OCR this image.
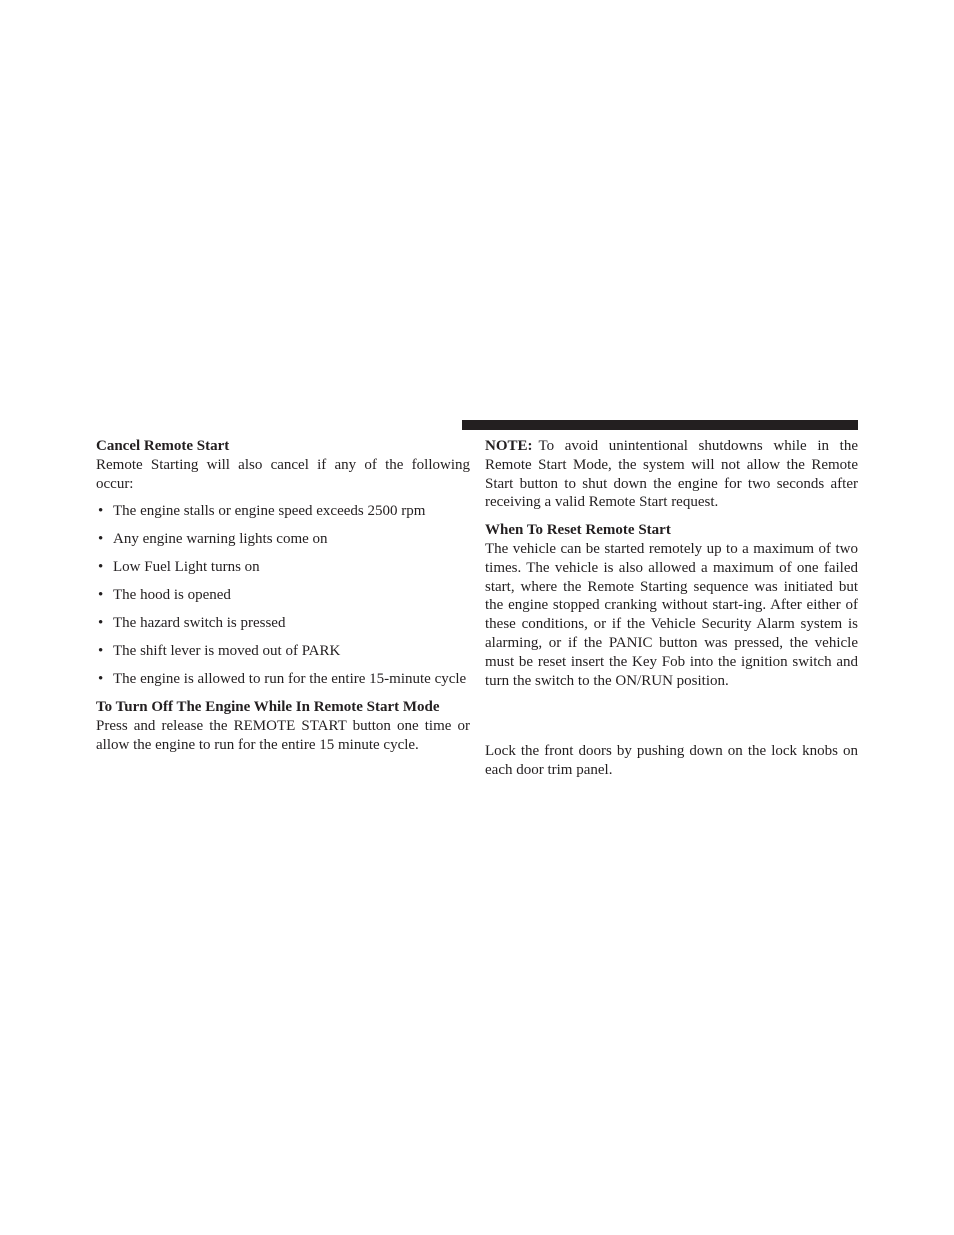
Cancel Remote Start

Remote Starting will also cancel if any of the following occur:

• The engine stalls or engine speed exceeds 2500 rpm
• Any engine warning lights come on
• Low Fuel Light turns on
• The hood is opened
• The hazard switch is pressed
• The shift lever is moved out of PARK
• The engine is allowed to run for the entire 15-minute cycle
To Turn Off The Engine While In Remote Start Mode

Press and release the REMOTE START button one time or allow the engine to run for the entire 15 minute cycle.

NOTE: To avoid unintentional shutdowns while in the Remote Start Mode, the system will not allow the Remote Start button to shut down the engine for two seconds after receiving a valid Remote Start request.

When To Reset Remote Start

The vehicle can be started remotely up to a maximum of two times. The vehicle is also allowed a maximum of one failed start, where the Remote Starting sequence was initiated but the engine stopped cranking without start-ing. After either of these conditions, or if the Vehicle Security Alarm system is alarming, or if the PANIC button was pressed, the vehicle must be reset insert the Key Fob into the ignition switch and turn the switch to the ON/RUN position.

Lock the front doors by pushing down on the lock knobs on each door trim panel.
